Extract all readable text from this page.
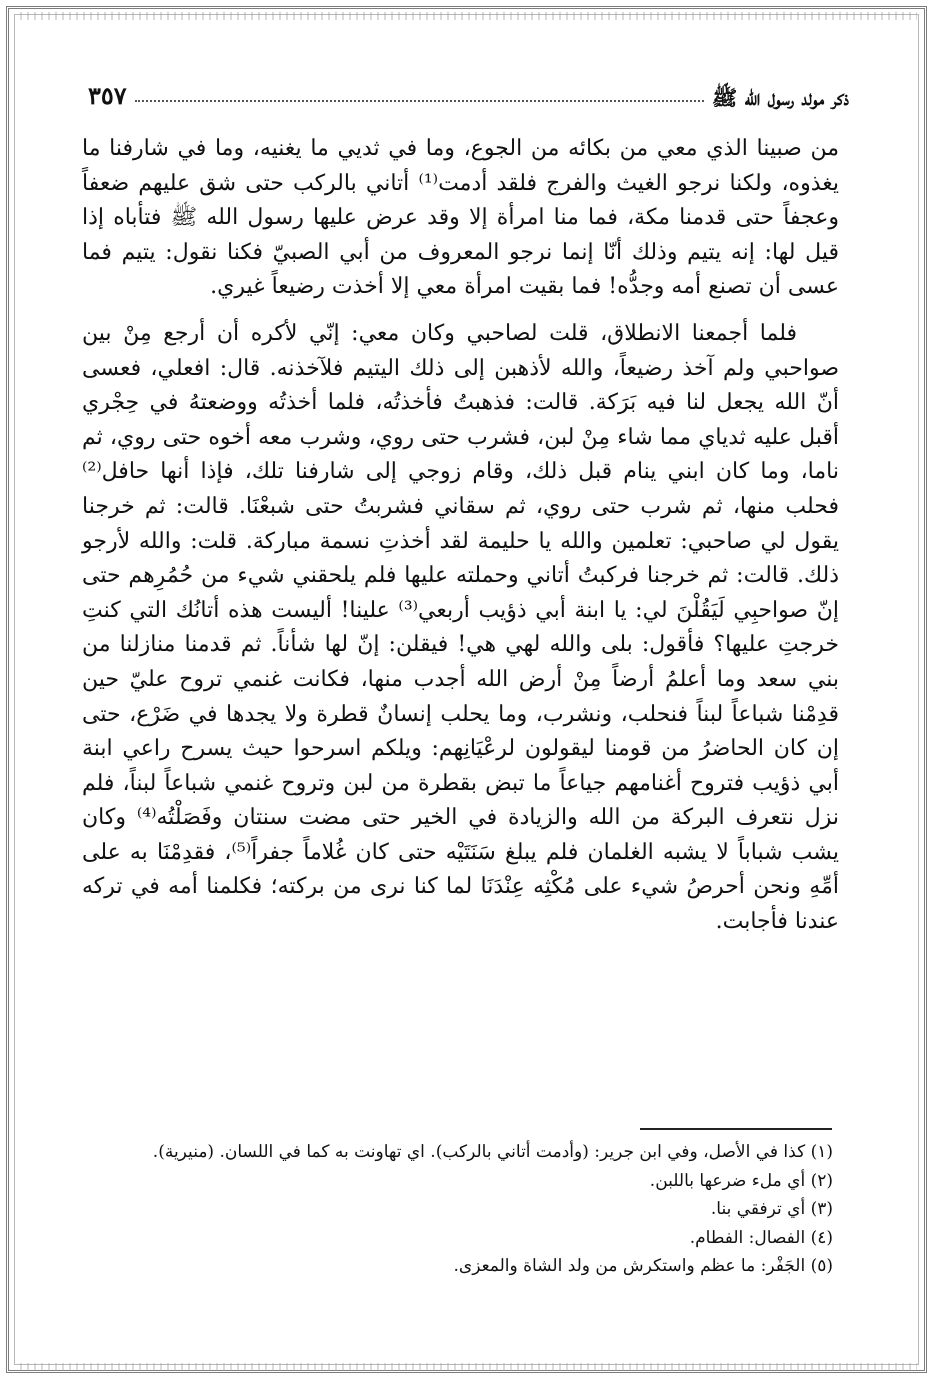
٣٥٧	ذكر مولد رسول الله ﷺ

من صبينا الذي معي من بكائه من الجوع، وما في ثديي ما يغنيه، وما في شارفنا ما يغذوه، ولكنا نرجو الغيث والفرج فلقد أدمت⁽¹⁾ أتاني بالركب حتى شق عليهم ضعفاً وعجفاً حتى قدمنا مكة، فما منا امرأة إلا وقد عرض عليها رسول الله ﷺ فتأباه إذا قيل لها: إنه يتيم وذلك أنّا إنما نرجو المعروف من أبي الصبيّ فكنا نقول: يتيم فما عسى أن تصنع أمه وجدُّه! فما بقيت امرأة معي إلا أخذت رضيعاً غيري.

فلما أجمعنا الانطلاق، قلت لصاحبي وكان معي: إنّي لأكره أن أرجع مِنْ بين صواحبي ولم آخذ رضيعاً، والله لأذهبن إلى ذلك اليتيم فلآخذنه. قال: افعلي، فعسى أنّ الله يجعل لنا فيه بَرَكة. قالت: فذهبتُ فأخذتُه، فلما أخذتُه ووضعتهُ في حِجْري أقبل عليه ثدياي مما شاء مِنْ لبن، فشرب حتى روي، وشرب معه أخوه حتى روي، ثم ناما، وما كان ابني ينام قبل ذلك، وقام زوجي إلى شارفنا تلك، فإذا أنها حافل⁽²⁾ فحلب منها، ثم شرب حتى روي، ثم سقاني فشربتُ حتى شبعْنَا. قالت: ثم خرجنا يقول لي صاحبي: تعلمين والله يا حليمة لقد أخذتِ نسمة مباركة. قلت: والله لأرجو ذلك. قالت: ثم خرجنا فركبتُ أتاني وحملته عليها فلم يلحقني شيء من حُمُرِهم حتى إنّ صواحبِي لَيَقُلْنَ لي: يا ابنة أبي ذؤيب أربعي⁽³⁾ علينا! أليست هذه أتانُك التي كنتِ خرجتِ عليها؟ فأقول: بلى والله لهي هي! فيقلن: إنّ لها شأناً. ثم قدمنا منازلنا من بني سعد وما أعلمُ أرضاً مِنْ أرض الله أجدب منها، فكانت غنمي تروح عليّ حين قدِمْنا شباعاً لبناً فنحلب، ونشرب، وما يحلب إنسانٌ قطرة ولا يجدها في ضَرْع، حتى إن كان الحاضرُ من قومنا ليقولون لرعْيَانِهم: ويلكم اسرحوا حيث يسرح راعي ابنة أبي ذؤيب فتروح أغنامهم جياعاً ما تبض بقطرة من لبن وتروح غنمي شباعاً لبناً، فلم نزل نتعرف البركة من الله والزيادة في الخير حتى مضت سنتان وفَصَلْتُه⁽⁴⁾ وكان يشب شباباً لا يشبه الغلمان فلم يبلغ سَنَتَيْه حتى كان غُلاماً جفراً⁽⁵⁾، فقدِمْنَا به على أمِّهِ ونحن أحرصُ شيء على مُكْثِه عِنْدَنَا لما كنا نرى من بركته؛ فكلمنا أمه في تركه عندنا فأجابت.

(١) كذا في الأصل، وفي ابن جرير: (وأدمت أتاني بالركب). اي تهاونت به كما في اللسان. (منيرية).

(٢) أي ملء ضرعها باللبن.

(٣) أي ترفقي بنا.

(٤) الفصال: الفطام.

(٥) الجَفْر: ما عظم واستكرش من ولد الشاة والمعزى.
